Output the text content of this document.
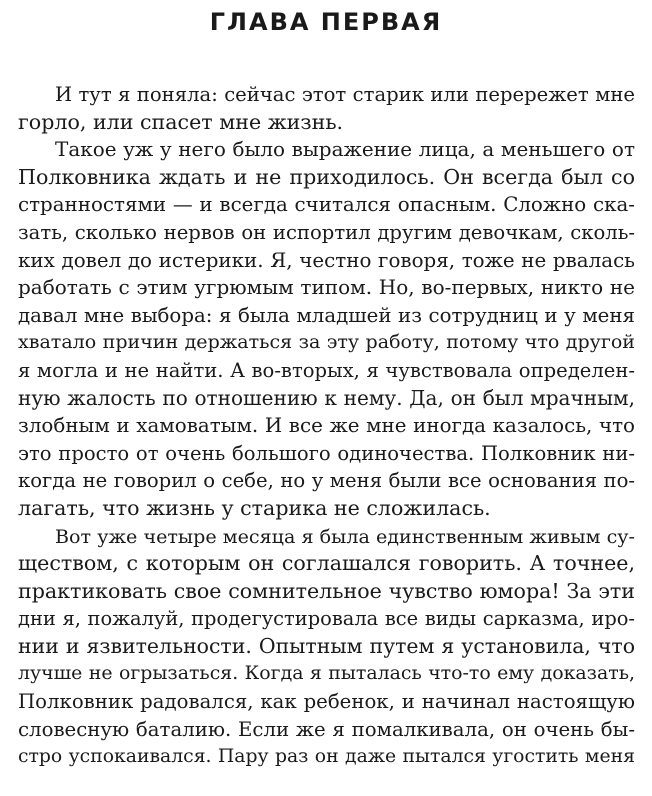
ГЛАВА ПЕРВАЯ
И тут я поняла: сейчас этот старик или перережет мне
горло, или спасет мне жизнь.
Такое уж у него было выражение лица, а меньшего от
Полковника ждать и не приходилось. Он всегда был со
странностями — и всегда считался опасным. Сложно ска-
зать, сколько нервов он испортил другим девочкам, сколь-
ких довел до истерики. Я, честно говоря, тоже не рвалась
работать с этим угрюмым типом. Но, во-первых, никто не
давал мне выбора: я была младшей из сотрудниц и у меня
хватало причин держаться за эту работу, потому что другой
я могла и не найти. А во-вторых, я чувствовала определен-
ную жалость по отношению к нему. Да, он был мрачным,
злобным и хамоватым. И все же мне иногда казалось, что
это просто от очень большого одиночества. Полковник ни-
когда не говорил о себе, но у меня были все основания по-
лагать, что жизнь у старика не сложилась.
Вот уже четыре месяца я была единственным живым су-
ществом, с которым он соглашался говорить. А точнее,
практиковать свое сомнительное чувство юмора! За эти
дни я, пожалуй, продегустировала все виды сарказма, иро-
нии и язвительности. Опытным путем я установила, что
лучше не огрызаться. Когда я пыталась что-то ему доказать,
Полковник радовался, как ребенок, и начинал настоящую
словесную баталию. Если же я помалкивала, он очень бы-
стро успокаивался. Пару раз он даже пытался угостить меня
